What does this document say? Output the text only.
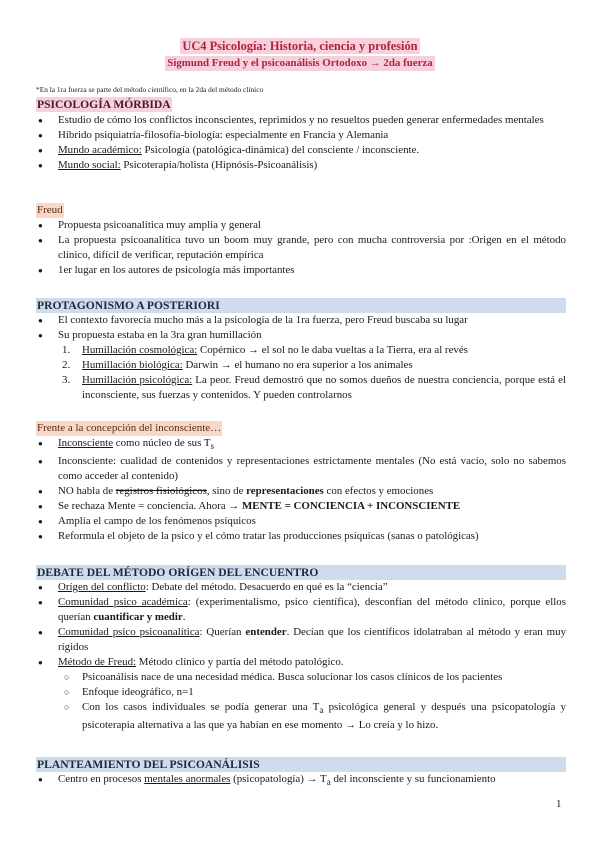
UC4 Psicología: Historia, ciencia y profesión
Sigmund Freud y el psicoanálisis Ortodoxo → 2da fuerza
*En la 1ra fuerza se parte del método científico, en la 2da del método clínico
PSICOLOGÍA MÓRBIDA
● Estudio de cómo los conflictos inconscientes, reprimidos y no resueltos pueden generar enfermedades mentales
● Híbrido psiquiatría-filosofía-biología: especialmente en Francia y Alemania
● Mundo académico: Psicología (patológica-dinámica) del consciente / inconsciente.
● Mundo social: Psicoterapia/holista (Hipnósis-Psicoanálisis)
Freud
● Propuesta psicoanalítica muy amplia y general
● La propuesta psicoanalítica tuvo un boom muy grande, pero con mucha controversia por :Origen en el método clínico, difícil de verificar, reputación empírica
● 1er lugar en los autores de psicología más importantes
PROTAGONISMO A POSTERIORI
● El contexto favorecía mucho más a la psicología de la 1ra fuerza, pero Freud buscaba su lugar
● Su propuesta estaba en la 3ra gran humillación
1. Humillación cosmológica: Copérnico → el sol no le daba vueltas a la Tierra, era al revés
2. Humillación biológica: Darwin → el humano no era superior a los animales
3. Humillación psicológica: La peor. Freud demostró que no somos dueños de nuestra conciencia, porque está el inconsciente, sus fuerzas y contenidos. Y pueden controlarnos
Frente a la concepción del inconsciente…
● Inconsciente como núcleo de sus $T_s$
● Inconsciente: cualidad de contenidos y representaciones estrictamente mentales (No está vacío, solo no sabemos como acceder al contenido)
● NO habla de registros fisiológicos, sino de representaciones con efectos y emociones
● Se rechaza Mente = conciencia. Ahora → MENTE = CONCIENCIA + INCONSCIENTE
● Amplía el campo de los fenómenos psíquicos
● Reformula el objeto de la psico y el cómo tratar las producciones psíquicas (sanas o patológicas)
DEBATE DEL MÉTODO ORÍGEN DEL ENCUENTRO
● Orígen del conflicto: Debate del método. Desacuerdo en qué es la “ciencia”
● Comunidad psico académica: (experimentalismo, psico científica), desconfían del método clínico, porque ellos querían cuantificar y medir.
● Comunidad psico psicoanalítica: Querían entender. Decían que los científicos idolatraban al método y eran muy rígidos
● Método de Freud: Método clínico y partía del método patológico.
○ Psicoanálisis nace de una necesidad médica. Busca solucionar los casos clínicos de los pacientes
○ Enfoque ideográfico, n=1
○ Con los casos individuales se podía generar una $T_a$ psicológica general y después una psicopatología y psicoterapia alternativa a las que ya habían en ese momento → Lo creía y lo hizo.
PLANTEAMIENTO DEL PSICOANÁLISIS
● Centro en procesos mentales anormales (psicopatología) → $T_a$ del inconsciente y su funcionamiento
1
